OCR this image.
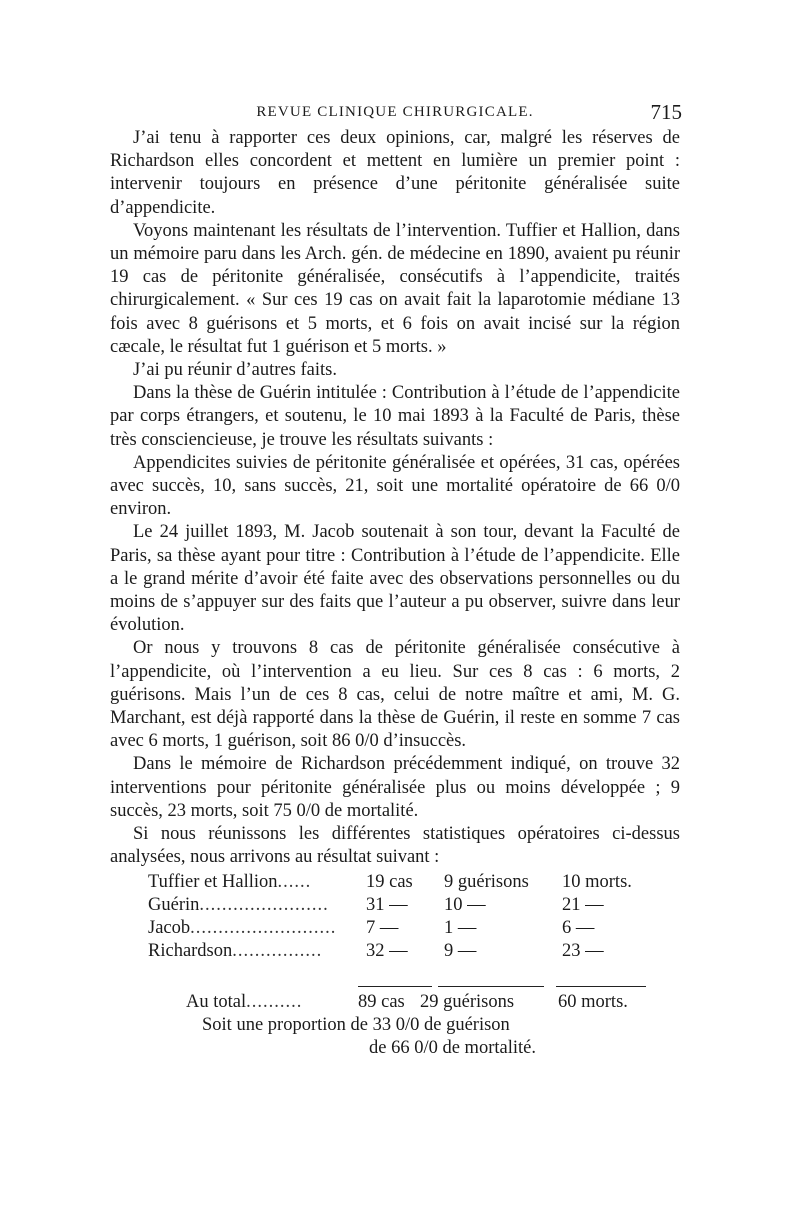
REVUE CLINIQUE CHIRURGICALE.	715

J’ai tenu à rapporter ces deux opinions, car, malgré les réserves de Richardson elles concordent et mettent en lumière un premier point : intervenir toujours en présence d’une péritonite généralisée suite d’appendicite.

Voyons maintenant les résultats de l’intervention. Tuffier et Hallion, dans un mémoire paru dans les Arch. gén. de médecine en 1890, avaient pu réunir 19 cas de péritonite généralisée, consécutifs à l’appendicite, traités chirurgicalement. « Sur ces 19 cas on avait fait la laparotomie médiane 13 fois avec 8 guérisons et 5 morts, et 6 fois on avait incisé sur la région cæcale, le résultat fut 1 guérison et 5 morts. »

J’ai pu réunir d’autres faits.

Dans la thèse de Guérin intitulée : Contribution à l’étude de l’appendicite par corps étrangers, et soutenu, le 10 mai 1893 à la Faculté de Paris, thèse très consciencieuse, je trouve les résultats suivants :

Appendicites suivies de péritonite généralisée et opérées, 31 cas, opérées avec succès, 10, sans succès, 21, soit une mortalité opératoire de 66 0/0 environ.

Le 24 juillet 1893, M. Jacob soutenait à son tour, devant la Faculté de Paris, sa thèse ayant pour titre : Contribution à l’étude de l’appendicite. Elle a le grand mérite d’avoir été faite avec des observations personnelles ou du moins de s’appuyer sur des faits que l’auteur a pu observer, suivre dans leur évolution.

Or nous y trouvons 8 cas de péritonite généralisée consécutive à l’appendicite, où l’intervention a eu lieu. Sur ces 8 cas : 6 morts, 2 guérisons. Mais l’un de ces 8 cas, celui de notre maître et ami, M. G. Marchant, est déjà rapporté dans la thèse de Guérin, il reste en somme 7 cas avec 6 morts, 1 guérison, soit 86 0/0 d’insuccès.

Dans le mémoire de Richardson précédemment indiqué, on trouve 32 interventions pour péritonite généralisée plus ou moins développée ; 9 succès, 23 morts, soit 75 0/0 de mortalité.

Si nous réunissons les différentes statistiques opératoires ci-dessus analysées, nous arrivons au résultat suivant :

Tuffier et Hallion......	19 cas	9 guérisons	10 morts.
Guérin.......................	31 —	10 —	21 —
Jacob..........................	7 —	1 —	6 —
Richardson................	32 —	9 —	23 —
Au total..........	89 cas 29 guérisons 60 morts.
Soit une proportion de 33 0/0 de guérison
de 66 0/0 de mortalité.
